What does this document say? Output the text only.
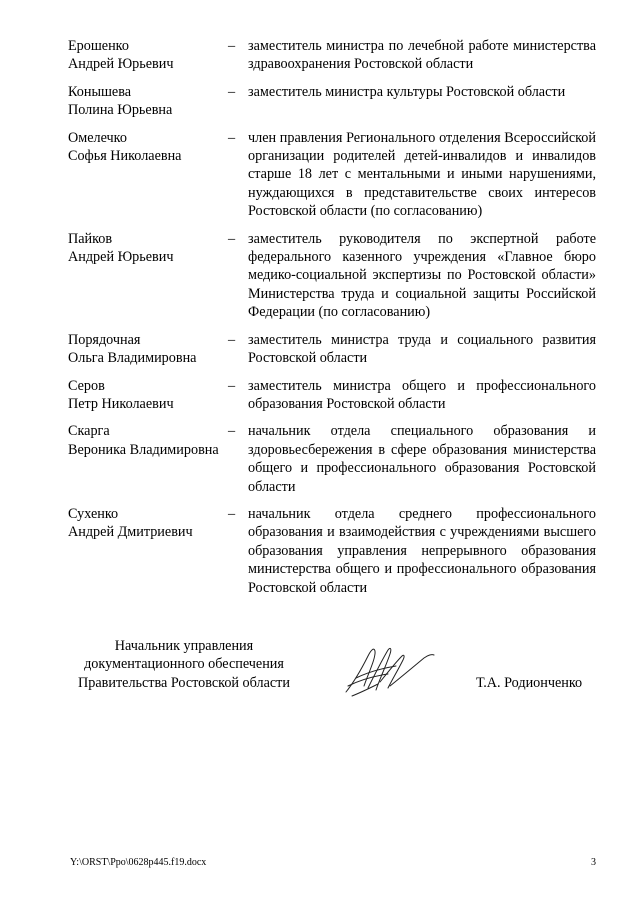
Ерошенко
Андрей Юрьевич
– заместитель министра по лечебной работе министерства здравоохранения Ростовской области
Конышева
Полина Юрьевна
– заместитель министра культуры Ростовской области
Омелечко
Софья Николаевна
– член правления Регионального отделения Всероссийской организации родителей детей-инвалидов и инвалидов старше 18 лет с ментальными и иными нарушениями, нуждающихся в представительстве своих интересов Ростовской области (по согласованию)
Пайков
Андрей Юрьевич
– заместитель руководителя по экспертной работе федерального казенного учреждения «Главное бюро медико-социальной экспертизы по Ростовской области» Министерства труда и социальной защиты Российской Федерации (по согласованию)
Порядочная
Ольга Владимировна
– заместитель министра труда и социального развития Ростовской области
Серов
Петр Николаевич
– заместитель министра общего и профессионального образования Ростовской области
Скарга
Вероника Владимировна
– начальник отдела специального образования и здоровьесбережения в сфере образования министерства общего и профессионального образования Ростовской области
Сухенко
Андрей Дмитриевич
– начальник отдела среднего профессионального образования и взаимодействия с учреждениями высшего образования управления непрерывного образования министерства общего и профессионального образования Ростовской области
Начальник управления
документационного обеспечения
Правительства Ростовской области	Т.А. Родионченко
Y:\ORST\Ppo\0628p445.f19.docx	3
